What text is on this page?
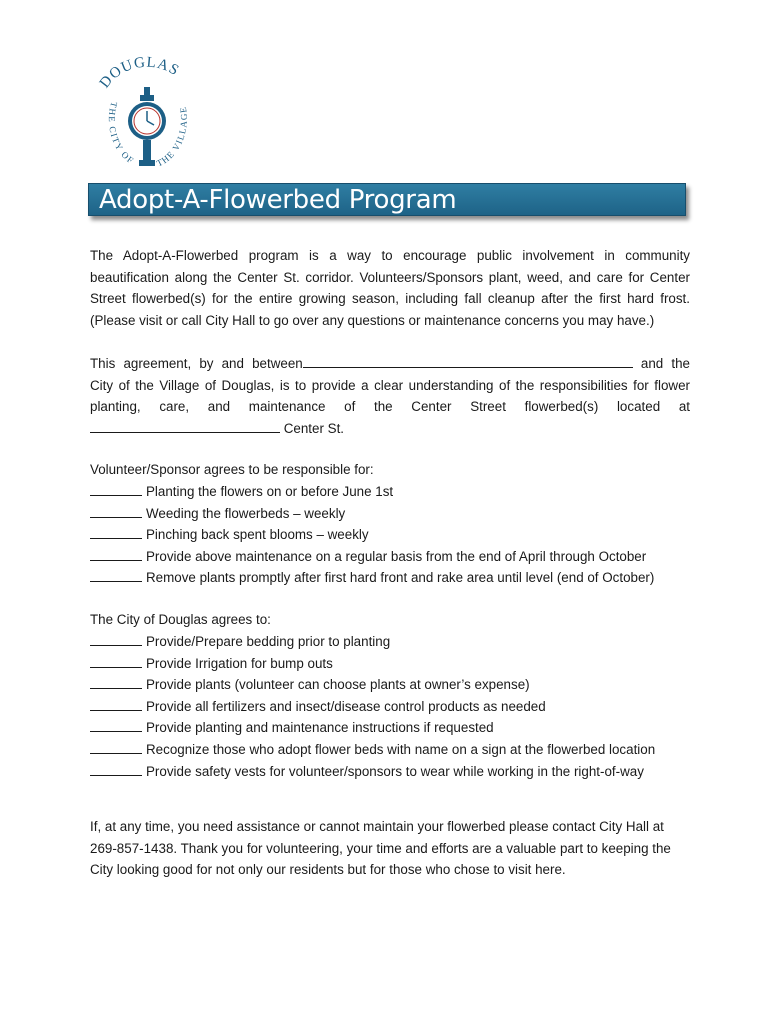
DOUGLAS
THE CITY OF	THE VILLAGE
Adopt-A-Flowerbed Program

The Adopt-A-Flowerbed program is a way to encourage public involvement in community beautification along the Center St. corridor. Volunteers/Sponsors plant, weed, and care for Center Street flowerbed(s) for the entire growing season, including fall cleanup after the first hard frost. (Please visit or call City Hall to go over any questions or maintenance concerns you may have.)

This agreement, by and between	and the City of the Village of Douglas, is to provide a clear understanding of the responsibilities for flower planting, care, and maintenance of the Center Street flowerbed(s) located at  Center St.

Volunteer/Sponsor agrees to be responsible for:

Planting the flowers on or before June 1st
Weeding the flowerbeds – weekly
Pinching back spent blooms – weekly
Provide above maintenance on a regular basis from the end of April through October
Remove plants promptly after first hard front and rake area until level (end of October)

The City of Douglas agrees to:

Provide/Prepare bedding prior to planting
Provide Irrigation for bump outs
Provide plants (volunteer can choose plants at owner’s expense)
Provide all fertilizers and insect/disease control products as needed
Provide planting and maintenance instructions if requested
Recognize those who adopt flower beds with name on a sign at the flowerbed location
Provide safety vests for volunteer/sponsors to wear while working in the right-of-way

If, at any time, you need assistance or cannot maintain your flowerbed please contact City Hall at 269-857-1438. Thank you for volunteering, your time and efforts are a valuable part to keeping the City looking good for not only our residents but for those who chose to visit here.
